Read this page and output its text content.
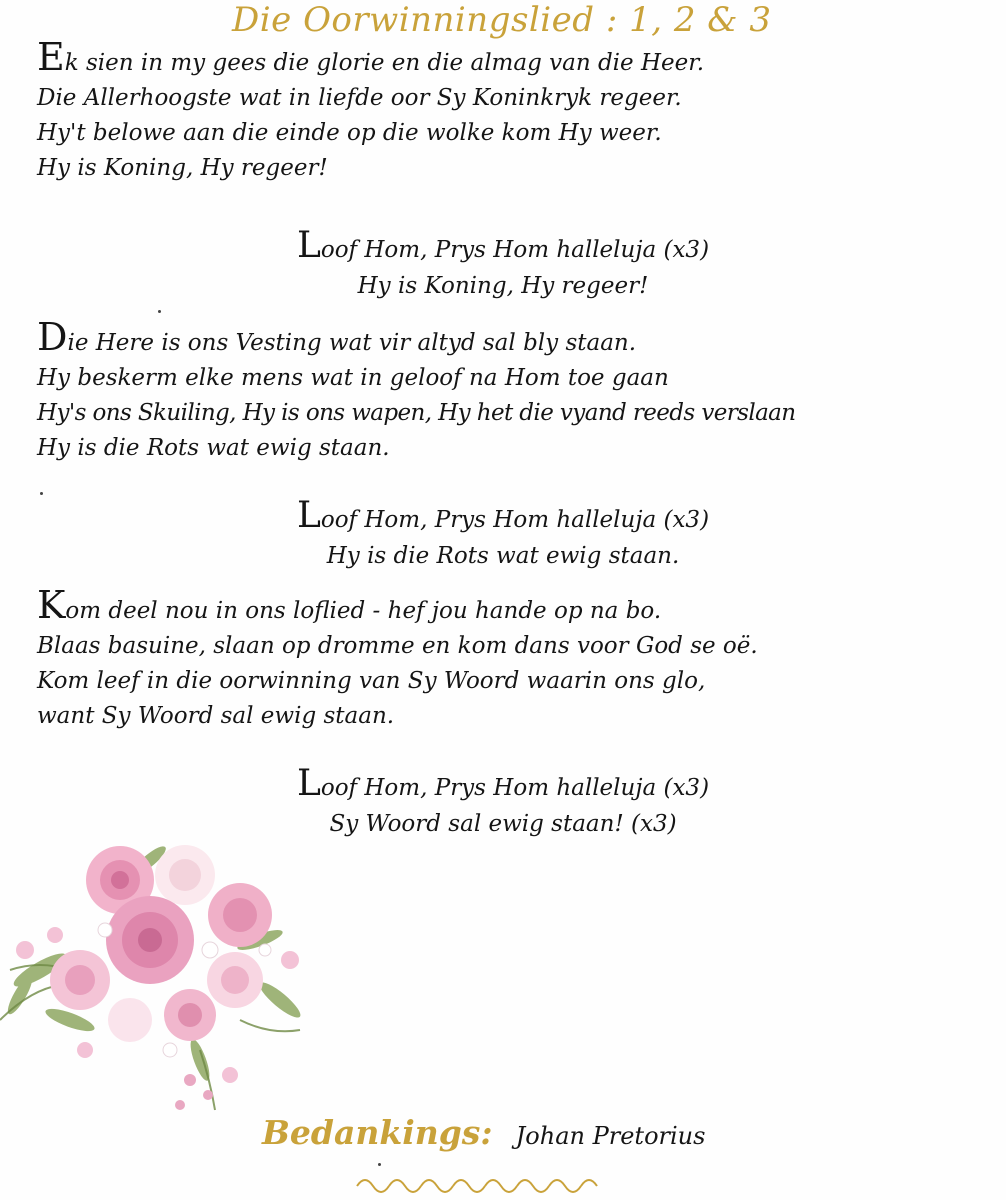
Die Oorwinningslied : 1, 2 & 3
Ek sien in my gees die glorie en die almag van die Heer.
Die Allerhoogste wat in liefde oor Sy Koninkryk regeer.
Hy't belowe aan die einde op die wolke kom Hy weer.
Hy is Koning, Hy regeer!
Loof Hom, Prys Hom halleluja (x3)
Hy is Koning, Hy regeer!
Die Here is ons Vesting wat vir altyd sal bly staan.
Hy beskerm elke mens wat in geloof na Hom toe gaan
Hy's ons Skuiling, Hy is ons wapen, Hy het die vyand reeds verslaan
Hy is die Rots wat ewig staan.
Loof Hom, Prys Hom halleluja (x3)
Hy is die Rots wat ewig staan.
Kom deel nou in ons loflied - hef jou hande op na bo.
Blaas basuine, slaan op dromme en kom dans voor God se oë.
Kom leef in die oorwinning van Sy Woord waarin ons glo,
want Sy Woord sal ewig staan.
Loof Hom, Prys Hom halleluja (x3)
Sy Woord sal ewig staan! (x3)
Bedankings: Johan Pretorius
